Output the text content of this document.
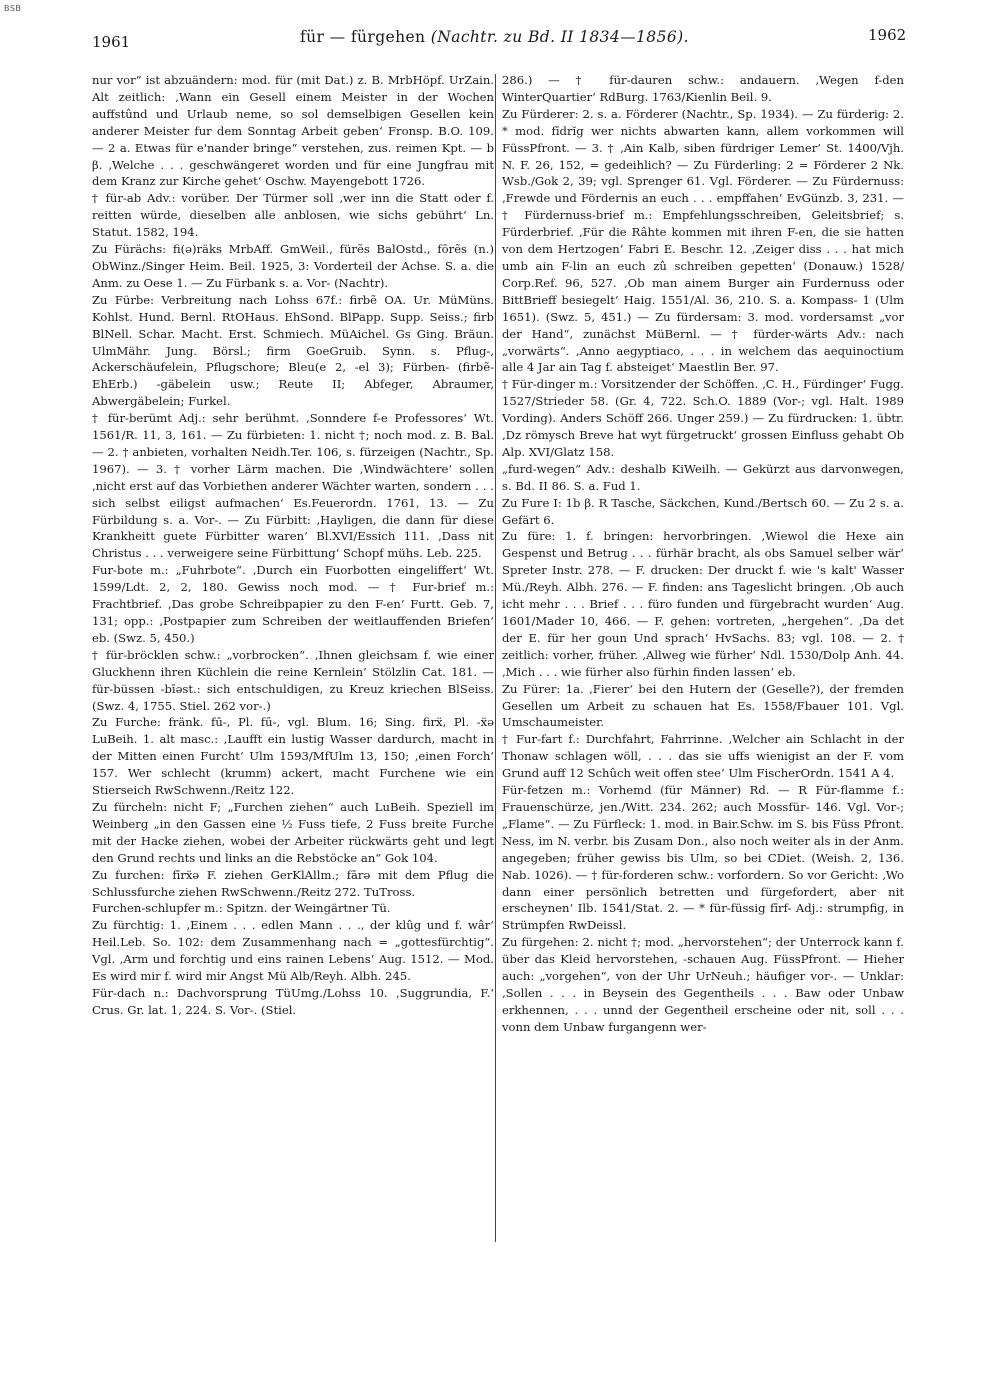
BSB
1961	für — fürgehen (Nachtr. zu Bd. II 1834—1856).	1962

nur vor“ ist abzuändern: mod. für (mit Dat.) z. B. MrbHöpf. UrZain. Alt zeitlich: ‚Wann ein Gesell einem Meister in der Wochen auffstûnd und Urlaub neme, so sol demselbigen Gesellen kein anderer Meister fur dem Sonntag Arbeit geben‘ Fronsp. B.O. 109. — 2 a. Etwas für e'nander bringe“ verstehen, zus. reimen Kpt. — b β. ‚Welche . . . geschwängeret worden und für eine Jungfrau mit dem Kranz zur Kirche gehet‘ Oschw. Mayengebott 1726.

† für-ab Adv.: vorüber. Der Türmer soll ‚wer inn die Statt oder f. reitten würde, dieselben alle anblosen, wie sichs gebührt‘ Ln. Statut. 1582, 194.

Zu Fürächs: fi(ə)räks MrbAff. GmWeil., fürẽs BalOstd., fōrẽs (n.) ObWinz./Singer Heim. Beil. 1925, 3: Vorderteil der Achse. S. a. die Anm. zu Oese 1. — Zu Fürbank s. a. Vor- (Nachtr).

Zu Fürbe: Verbreitung nach Lohss 67f.: firbẽ OA. Ur. MüMüns. Kohlst. Hund. Bernl. RtOHaus. EhSond. BlPapp. Supp. Seiss.; firb BlNell. Schar. Macht. Erst. Schmiech. MüAichel. Gs Ging. Bräun. UlmMähr. Jung. Börsl.; firm GoeGruib. Synn. s. Pflug-, Ackerschäufelein, Pflugschore; Bleu(e 2, -el 3); Fürben- (firbẽ- EhErb.) -gäbelein usw.; Reute II; Abfeger, Abraumer, Abwergäbelein; Furkel.

† für-berümt Adj.: sehr berühmt. ‚Sonndere f-e Professores‘ Wt. 1561/R. 11, 3, 161. — Zu fürbieten: 1. nicht †; noch mod. z. B. Bal. — 2. † anbieten, vorhalten Neidh.Ter. 106, s. fürzeigen (Nachtr., Sp. 1967). — 3. † vorher Lärm machen. Die ‚Windwächtere‘ sollen ‚nicht erst auf das Vorbiethen anderer Wächter warten, sondern . . . sich selbst eiligst aufmachen‘ Es.Feuerordn. 1761, 13. — Zu Fürbildung s. a. Vor-. — Zu Fürbitt: ‚Hayligen, die dann für diese Krankheitt guete Fürbitter waren‘ Bl.XVI/Essich 111. ‚Dass nit Christus . . . verweigere seine Fürbittung‘ Schopf mühs. Leb. 225.

Fur-bote m.: „Fuhrbote“. ‚Durch ein Fuorbotten eingeliffert‘ Wt. 1599/Ldt. 2, 2, 180. Gewiss noch mod. — † Fur-brief m.: Frachtbrief. ‚Das grobe Schreibpapier zu den F-en‘ Furtt. Geb. 7, 131; opp.: ‚Postpapier zum Schreiben der weitlauffenden Briefen‘ eb. (Swz. 5, 450.)

† für-bröcklen schw.: „vorbrocken“. ‚Ihnen gleichsam f. wie einer Gluckhenn ihren Küchlein die reine Kernlein‘ Stölzlin Cat. 181. — für-büssen -bīəst.: sich entschuldigen, zu Kreuz kriechen BlSeiss. (Swz. 4, 1755. Stiel. 262 vor-.)

Zu Furche: fränk. fū-, Pl. fū-, vgl. Blum. 16; Sing. firẍ, Pl. -ẍə LuBeih. 1. alt masc.: ‚Laufft ein lustig Wasser dardurch, macht in der Mitten einen Furcht‘ Ulm 1593/MfUlm 13, 150; ‚einen Forch‘ 157. Wer schlecht (krumm) ackert, macht Furchene wie ein Stierseich RwSchwenn./Reitz 122.

Zu fürcheln: nicht F; „Furchen ziehen“ auch LuBeih. Speziell im Weinberg „in den Gassen eine ½ Fuss tiefe, 2 Fuss breite Furche mit der Hacke ziehen, wobei der Arbeiter rückwärts geht und legt den Grund rechts und links an die Rebstöcke an“ Gok 104.

Zu furchen: fīrẍə F. ziehen GerKlAllm.; fārə mit dem Pflug die Schlussfurche ziehen RwSchwenn./Reitz 272. TuTross.

Furchen-schlupfer m.: Spitzn. der Weingärtner Tü.

Zu fürchtig: 1. ‚Einem . . . edlen Mann . . ., der klûg und f. wâr‘ Heil.Leb. So. 102: dem Zusammenhang nach = „gottesfürchtig“. Vgl. ‚Arm und forchtig und eins rainen Lebens‘ Aug. 1512. — Mod. Es wird mir f. wird mir Angst Mü Alb/Reyh. Albh. 245.

Für-dach n.: Dachvorsprung TüUmg./Lohss 10. ‚Suggrundia, F.‘ Crus. Gr. lat. 1, 224. S. Vor-. (Stiel.

286.) — † für-dauren schw.: andauern. ‚Wegen f-den WinterQuartier‘ RdBurg. 1763/Kienlin Beil. 9.

Zu Fürderer: 2. s. a. Förderer (Nachtr., Sp. 1934). — Zu fürderig: 2. * mod. fīdrĭg wer nichts abwarten kann, allem vorkommen will FüssPfront. — 3. † ‚Ain Kalb, siben fürdriger Lemer‘ St. 1400/Vjh. N. F. 26, 152, = gedeihlich? — Zu Fürderling: 2 = Förderer 2 Nk. Wsb./Gok 2, 39; vgl. Sprenger 61. Vgl. Förderer. — Zu Fürdernuss: ‚Frewde und Fördernis an euch . . . empffahen‘ EvGünzb. 3, 231. — † Fürdernuss-brief m.: Empfehlungsschreiben, Geleitsbrief; s. Fürderbrief. ‚Für die Râhte kommen mit ihren F-en, die sie hatten von dem Hertzogen‘ Fabri E. Beschr. 12. ‚Zeiger diss . . . hat mich umb ain F-lin an euch zû schreiben gepetten‘ (Donauw.) 1528/ Corp.Ref. 96, 527. ‚Ob man ainem Burger ain Furdernuss oder BittBrieff besiegelt‘ Haig. 1551/Al. 36, 210. S. a. Kompass- 1 (Ulm 1651). (Swz. 5, 451.) — Zu fürdersam: 3. mod. vordersamst „vor der Hand“, zunächst MüBernl. — † fürder-wärts Adv.: nach „vorwärts“. ‚Anno aegyptiaco, . . . in welchem das aequinoctium alle 4 Jar ain Tag f. absteiget‘ Maestlin Ber. 97.

† Für-dinger m.: Vorsitzender der Schöffen. ‚C. H., Fürdinger‘ Fugg. 1527/Strieder 58. (Gr. 4, 722. Sch.O. 1889 (Vor-; vgl. Halt. 1989 Vording). Anders Schöff 266. Unger 259.) — Zu fürdrucken: 1. übtr. ‚Dz römysch Breve hat wyt fürgetruckt‘ grossen Einfluss gehabt Ob Alp. XVI/Glatz 158.

„furd-wegen“ Adv.: deshalb KiWeilh. — Gekürzt aus darvonwegen, s. Bd. II 86. S. a. Fud 1.

Zu Fure I: 1b β. R Tasche, Säckchen, Kund./Bertsch 60. — Zu 2 s. a. Gefärt 6.

Zu füre: 1. f. bringen: hervorbringen. ‚Wiewol die Hexe ain Gespenst und Betrug . . . fürhär bracht, als obs Samuel selber wär‘ Spreter Instr. 278. — F. drucken: Der druckt f. wie 's kalt' Wasser Mü./Reyh. Albh. 276. — F. finden: ans Tageslicht bringen. ‚Ob auch icht mehr . . . Brief . . . füro funden und fürgebracht wurden‘ Aug. 1601/Mader 10, 466. — F. gehen: vortreten, „hergehen“. ‚Da det der E. für her goun Und sprach‘ HvSachs. 83; vgl. 108. — 2. † zeitlich: vorher, früher. ‚Allweg wie fürher‘ Ndl. 1530/Dolp Anh. 44. ‚Mich . . . wie fürher also fürhin finden lassen‘ eb.

Zu Fürer: 1a. ‚Fierer‘ bei den Hutern der (Geselle?), der fremden Gesellen um Arbeit zu schauen hat Es. 1558/Fbauer 101. Vgl. Umschaumeister.

† Fur-fart f.: Durchfahrt, Fahrrinne. ‚Welcher ain Schlacht in der Thonaw schlagen wöll, . . . das sie uffs wienigist an der F. vom Grund auff 12 Schûch weit offen stee‘ Ulm FischerOrdn. 1541 A 4.

Für-fetzen m.: Vorhemd (für Männer) Rd. — R Für-flamme f.: Frauenschürze, jen./Witt. 234. 262; auch Mossfür- 146. Vgl. Vor-; „Flame“. — Zu Fürfleck: 1. mod. in Bair.Schw. im S. bis Füss Pfront. Ness, im N. verbr. bis Zusam Don., also noch weiter als in der Anm. angegeben; früher gewiss bis Ulm, so bei CDiet. (Weish. 2, 136. Nab. 1026). — † für-forderen schw.: vorfordern. So vor Gericht: ‚Wo dann einer persönlich betretten und fürgefordert, aber nit erscheynen‘ Ilb. 1541/Stat. 2. — * für-füssig fīrf- Adj.: strumpfig, in Strümpfen RwDeissl.

Zu fürgehen: 2. nicht †; mod. „hervorstehen“; der Unterrock kann f. über das Kleid hervorstehen, -schauen Aug. FüssPfront. — Hieher auch: „vorgehen“, von der Uhr UrNeuh.; häufiger vor-. — Unklar: ‚Sollen . . . in Beysein des Gegentheils . . . Baw oder Unbaw erkhennen, . . . unnd der Gegentheil erscheine oder nit, soll . . . vonn dem Unbaw furgangenn wer-
